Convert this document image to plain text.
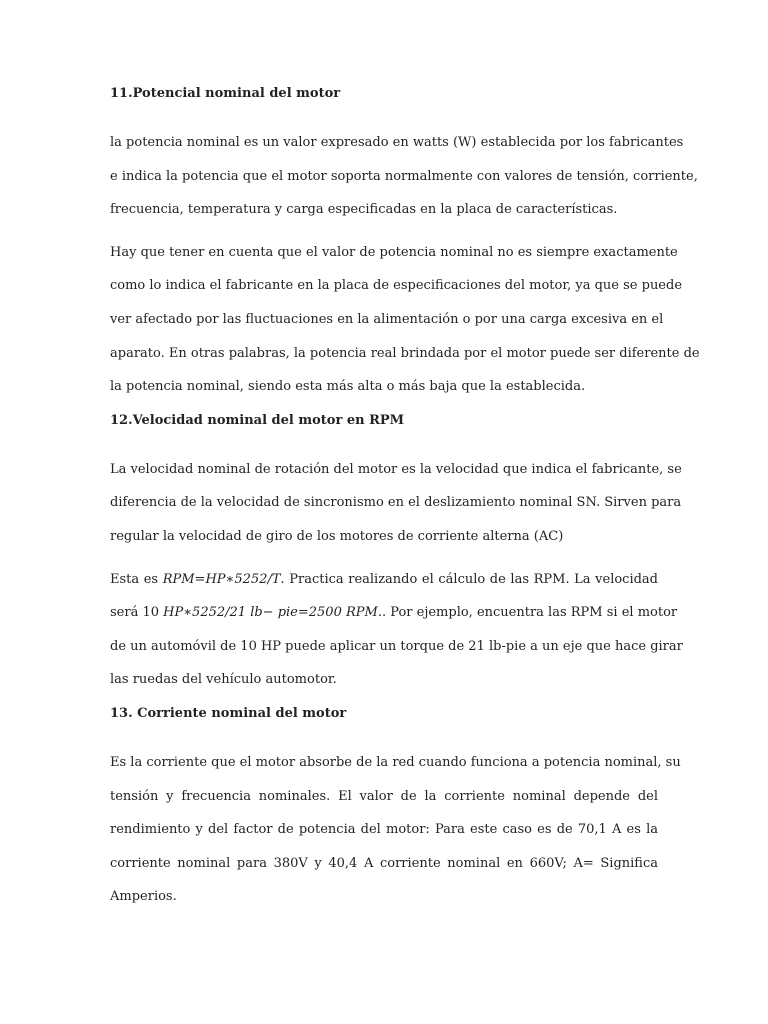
11.Potencial nominal del motor
la potencia nominal es un valor expresado en watts (W) establecida por los fabricantes
e indica la potencia que el motor soporta normalmente con valores de tensión, corriente,
frecuencia, temperatura y carga especificadas en la placa de características.
Hay que tener en cuenta que el valor de potencia nominal no es siempre exactamente
como lo indica el fabricante en la placa de especificaciones del motor, ya que se puede
ver afectado por las fluctuaciones en la alimentación o por una carga excesiva en el
aparato. En otras palabras, la potencia real brindada por el motor puede ser diferente de
la potencia nominal, siendo esta más alta o más baja que la establecida.
12.Velocidad nominal del motor en RPM
La velocidad nominal de rotación del motor es la velocidad que indica el fabricante, se
diferencia de la velocidad de sincronismo en el deslizamiento nominal SN. Sirven para
regular la velocidad de giro de los motores de corriente alterna (AC)
Esta es RPM=HP∗5252/T. Practica realizando el cálculo de las RPM. La velocidad
será 10 HP∗5252/21 lb− pie=2500 RPM.. Por ejemplo, encuentra las RPM si el motor
de un automóvil de 10 HP puede aplicar un torque de 21 lb-pie a un eje que hace girar
las ruedas del vehículo automotor.
13. Corriente nominal del motor
Es la corriente que el motor absorbe de la red cuando funciona a potencia nominal, su
tensión y frecuencia nominales. El valor de la corriente nominal depende del
rendimiento y del factor de potencia del motor: Para este caso es de 70,1 A es la
corriente nominal para 380V y 40,4 A corriente nominal en 660V; A= Significa
Amperios.
